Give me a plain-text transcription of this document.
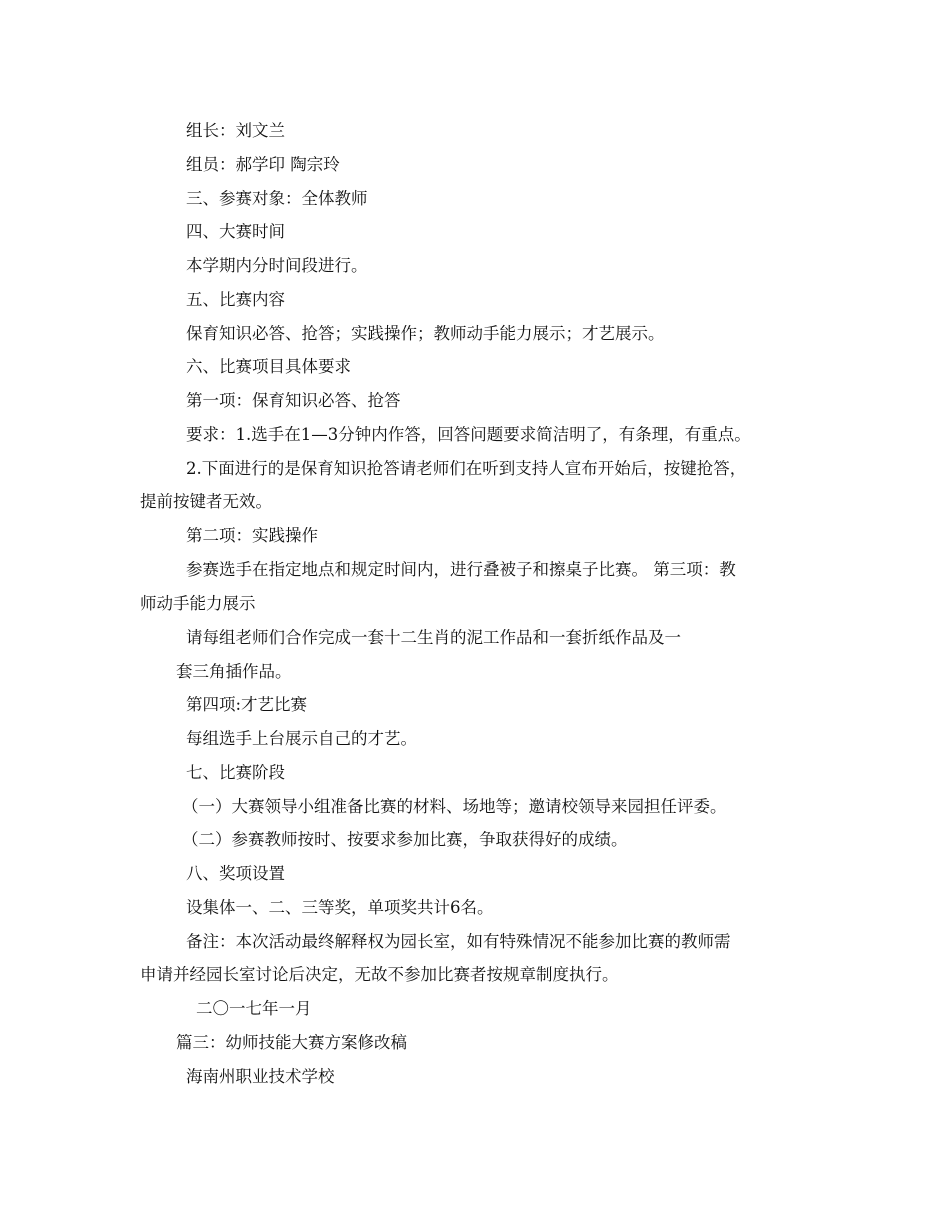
组长：刘文兰
组员：郝学印 陶宗玲
三、参赛对象：全体教师
四、大赛时间
本学期内分时间段进行。
五、比赛内容
保育知识必答、抢答；实践操作；教师动手能力展示；才艺展示。
六、比赛项目具体要求
第一项：保育知识必答、抢答
要求：1.选手在1—3分钟内作答，回答问题要求简洁明了，有条理，有重点。
2.下面进行的是保育知识抢答请老师们在听到支持人宣布开始后，按键抢答，
提前按键者无效。
第二项：实践操作
参赛选手在指定地点和规定时间内，进行叠被子和擦桌子比赛。 第三项：教
师动手能力展示
请每组老师们合作完成一套十二生肖的泥工作品和一套折纸作品及一
套三角插作品。
第四项:才艺比赛
每组选手上台展示自己的才艺。
七、比赛阶段
（一）大赛领导小组准备比赛的材料、场地等；邀请校领导来园担任评委。
（二）参赛教师按时、按要求参加比赛，争取获得好的成绩。
八、奖项设置
设集体一、二、三等奖，单项奖共计6名。
备注：本次活动最终解释权为园长室，如有特殊情况不能参加比赛的教师需
申请并经园长室讨论后决定，无故不参加比赛者按规章制度执行。
二〇一七年一月
篇三：幼师技能大赛方案修改稿
海南州职业技术学校
